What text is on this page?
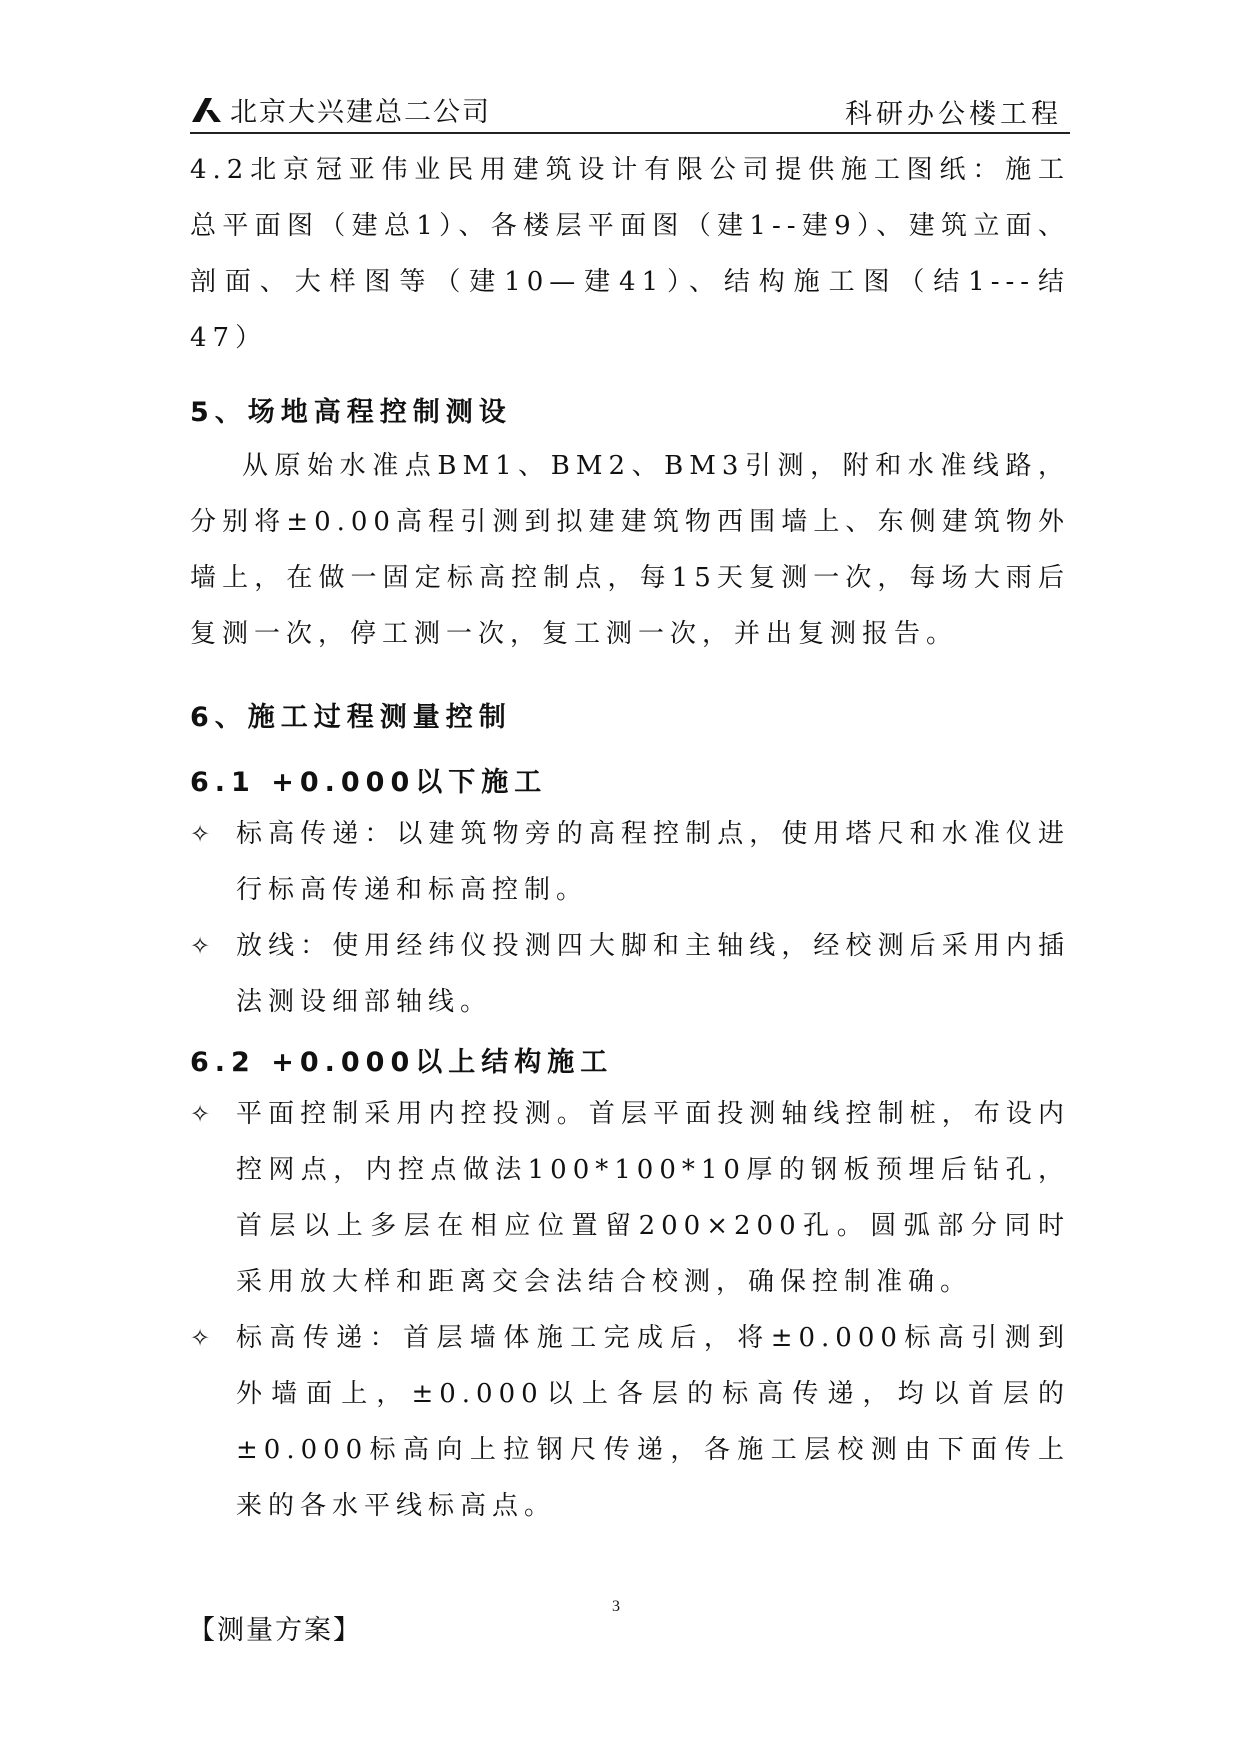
北京大兴建总二公司	科研办公楼工程

4.2北京冠亚伟业民用建筑设计有限公司提供施工图纸：施工总平面图（建总1）、各楼层平面图（建1--建9）、建筑立面、剖面、大样图等（建10—建41）、结构施工图（结1---结47）

5、场地高程控制测设

从原始水准点BM1、BM2、BM3引测，附和水准线路，分别将±0.00高程引测到拟建建筑物西围墙上、东侧建筑物外墙上，在做一固定标高控制点，每15天复测一次，每场大雨后复测一次，停工测一次，复工测一次，并出复测报告。

6、施工过程测量控制

6.1 +0.000以下施工

✧ 标高传递：以建筑物旁的高程控制点，使用塔尺和水准仪进行标高传递和标高控制。
✧ 放线：使用经纬仪投测四大脚和主轴线，经校测后采用内插法测设细部轴线。

6.2 +0.000以上结构施工

✧ 平面控制采用内控投测。首层平面投测轴线控制桩，布设内控网点，内控点做法100*100*10厚的钢板预埋后钻孔，首层以上多层在相应位置留200×200孔。圆弧部分同时采用放大样和距离交会法结合校测，确保控制准确。
✧ 标高传递：首层墙体施工完成后，将±0.000标高引测到外墙面上，±0.000以上各层的标高传递，均以首层的±0.000标高向上拉钢尺传递，各施工层校测由下面传上来的各水平线标高点。
【测量方案】
3
